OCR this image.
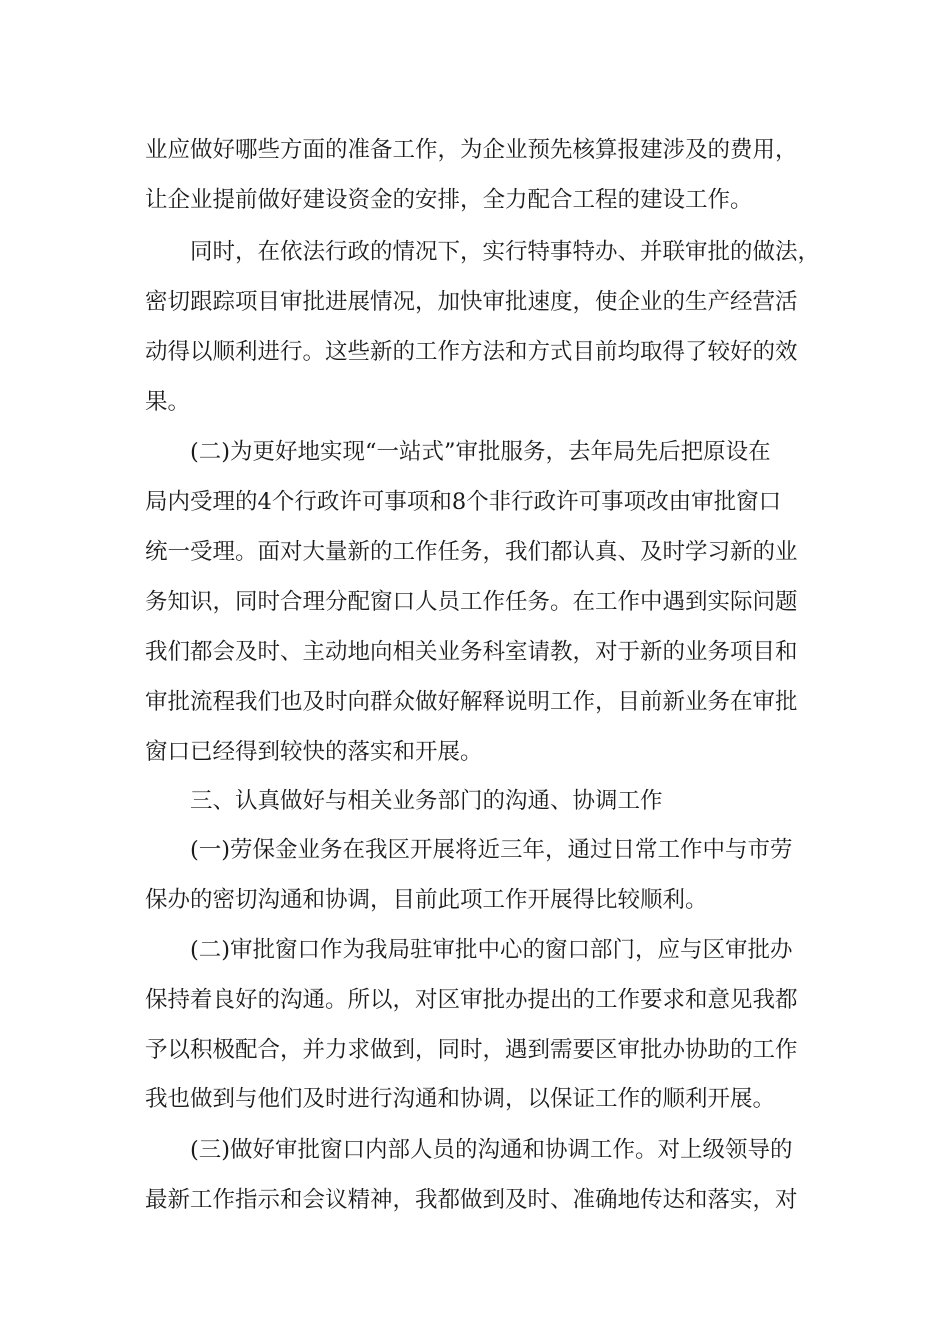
业应做好哪些方面的准备工作，为企业预先核算报建涉及的费用，
让企业提前做好建设资金的安排，全力配合工程的建设工作。
　　同时，在依法行政的情况下，实行特事特办、并联审批的做法，
密切跟踪项目审批进展情况，加快审批速度，使企业的生产经营活
动得以顺利进行。这些新的工作方法和方式目前均取得了较好的效
果。
　　(二)为更好地实现“一站式”审批服务，去年局先后把原设在
局内受理的4个行政许可事项和8个非行政许可事项改由审批窗口
统一受理。面对大量新的工作任务，我们都认真、及时学习新的业
务知识，同时合理分配窗口人员工作任务。在工作中遇到实际问题
我们都会及时、主动地向相关业务科室请教，对于新的业务项目和
审批流程我们也及时向群众做好解释说明工作，目前新业务在审批
窗口已经得到较快的落实和开展。
　　三、认真做好与相关业务部门的沟通、协调工作
　　(一)劳保金业务在我区开展将近三年，通过日常工作中与市劳
保办的密切沟通和协调，目前此项工作开展得比较顺利。
　　(二)审批窗口作为我局驻审批中心的窗口部门，应与区审批办
保持着良好的沟通。所以，对区审批办提出的工作要求和意见我都
予以积极配合，并力求做到，同时，遇到需要区审批办协助的工作
我也做到与他们及时进行沟通和协调，以保证工作的顺利开展。
　　(三)做好审批窗口内部人员的沟通和协调工作。对上级领导的
最新工作指示和会议精神，我都做到及时、准确地传达和落实，对
